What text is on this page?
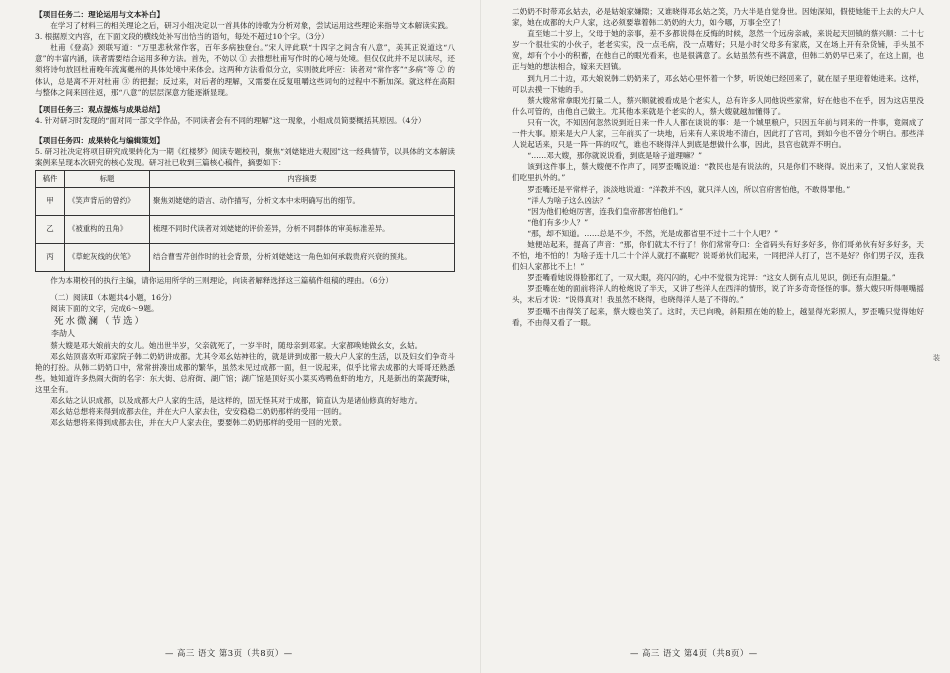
【项目任务二：理论运用与文本补白】

在学习了材料三的相关理论之后，研习小组决定以一首具体的诗歌为分析对象，尝试运用这些理论来指导文本解读实践。

3. 根据原文内容，在下面文段的横线处补写出恰当的语句，每处不超过10个字。（3分）

杜甫《登高》颈联写道：“万里悲秋常作客，百年多病独登台。”宋人评此联“十四字之间含有八意”，美其正说道这“八意”的丰富内涵，读者需要结合运用多种方法。首先，不妨以 ① 去推想杜甫写作时的心境与处境。但仅仅此并不足以读尽，还须将诗句放回杜甫晚年流寓夔州的具体处境中来体会。这两种方法看似分立，实则彼此呼应：读者对“常作客”“多病”等 ② 的体认，总是离不开对杜甫 ③ 的把握；反过来，对后者的理解，又需要在反复咀嚼这些词句的过程中不断加深。就这样在高阳与整体之间来回往返，那“八意”的层层深意方能逐渐显现。

【项目任务三：观点提炼与成果总结】

4. 针对研习时发现的“面对同一部文学作品，不同读者会有不同的理解”这一现象，小组成员简要概括其原因。（4分）

【项目任务四：成果转化与编辑策划】

5. 研习社决定将项目研究成果转化为一期《红楼梦》阅读专题校刊，聚焦“刘姥姥进大观园”这一经典情节，以具体的文本解读案例来呈现本次研究的核心发现。研习社已收到三篇核心稿件，摘要如下：

稿件	标题	内容摘要
甲	《笑声背后的曾约》	聚焦刘姥姥的语言、动作描写，分析文本中未明确写出的细节。
乙	《被重构的丑角》	梳理不同时代读者对刘姥姥的评价差异，分析不同群体的审美标准差异。
丙	《草蛇灰线的伏笔》	结合曹雪芹创作时的社会背景，分析刘姥姥这一角色如何承载贵府兴衰的预兆。

作为本期校刊的执行主编，请你运用所学的三则理论，向读者解释选择这三篇稿件组稿的理由。（6分）

（二）阅读Ⅱ（本题共4小题，16分）

阅读下面的文字，完成6～9题。

死水微澜（节选）

李劼人

蔡大嫂是邓大娘前夫的女儿。她出世半岁，父亲就死了，一岁半时，随母亲到邓家。大家都唤她做幺女，幺姑。

邓幺姑顶喜欢听邓家院子韩二奶奶讲成都。尤其令邓幺姑神往的，就是讲到成都一般大户人家的生活，以及妇女们争奇斗艳的打扮。从韩二奶奶口中，常常拼凑出成都的繁华，虽然未见过成都一面，但一说起来，似乎比常去成都的大哥哥还熟悉些。她知道许多热闹大街的名字：东大街、总府街、湖广馆；湖广馆是顶好买小菜买鸡鸭鱼虾的地方，凡是新出的菜蔬野味，这里全有。

邓幺姑之认识成都，以及成都大户人家的生活，是这样的，固无怪其对于成都，简直认为是诸仙修真的好地方。

邓幺姑总想将来得到成都去住，并在大户人家去住，安安稳稳二奶奶那样的受用一回的。

邓幺姑想将来得到成都去住，并在大户人家去住，要要韩二奶奶那样的受用一回的光景。

二奶奶不时带邓幺姑去，必是姑娘家嫌隙；又谁晓得邓幺姑之笑，乃大半是自觉身世。因她深知，假使她能干上去的大户人家，她在成都的大户人家，这必须要靠着韩二奶奶的大力，如今哪，万事全空了！

直至她二十岁上，父母于她的亲事，差不多都说得在反悔的时候，忽然一个远房亲戚，来说起天回镇的蔡兴顺：二十七岁一个很壮实的小伙子，老老实实，没一点毛病，没一点嗜好；只是小时父母多有家底，又在场上开有杂货铺，手头虽不宽，却有个小小的积蓄，在他自己的眼光看来，也是很满意了。幺姑虽然有些不满意，但韩二奶奶早已来了，在这上面，也正与她的想法相合，嫁来天回镇。

到九月二十边，邓大娘说韩二奶奶来了，邓幺姑心里怀着一个梦，听说她已经回来了，就在屋子里迎着她进来。这样，可以去摸一下她的手。

蔡大嫂常常拿眼光打量二人，蔡兴顺就被看成是个老实人，总有许多人同他说些家常，好在他也不在乎，因为这店里没什么可管的，由他自己做主。尤其他本来就是个老实的人，蔡大嫂就越加懂得了。

只有一次，不知因何忽然说到近日来一件人人都在谈说的事：是一个城里粮户，只因五年前与同来的一件事，竟闹成了一件大事。原来是大户人家，三年前买了一块地，后来有人来说地不清白，因此打了官司，到如今也不曾分个明白。那些洋人说起话来，只是一阵一阵的叹气，谁也不晓得洋人到底是想做什么事，因此，县官也就弄不明白。

“……邓大嫂，那你就说说看，到底是啥子道理嘛？”

该到这件事上，蔡大嫂便不作声了，同罗歪嘴说道：“教民也是有说法的，只是你们不晓得。说出来了，又怕人家说我们吃里扒外的。”

罗歪嘴还是平常样子，淡淡地说道：“洋教并不凶，就只洋人凶，所以官府害怕他，不敢得罪他。”

“洋人为啥子这么凶法？”

“因为他们枪炮厉害，连我们皇帝都害怕他们。”

“他们有多少人？”

“那，却不知道。……总是不少，不然，光是成都省里不过十二十个人吧？”

她便站起来，提高了声音：“那，你们就太不行了！你们常常夸口：全省码头有好多好多，你们哥弟伙有好多好多，天不怕，地不怕的！为啥子连十几二十个洋人就打不赢呢？说哥弟伙们起来，一同把洋人打了，岂不是好？你们男子汉，连我们妇人家都比不上！”

罗歪嘴看她说得脸都红了，一双大眼，亮闪闪的，心中不觉很为诧异：“这女人倒有点儿见识，倒还有点胆量。”

罗歪嘴在她的面前将洋人的枪炮说了半天，又讲了些洋人在西洋的情形，说了许多奇奇怪怪的事。蔡大嫂只听得咂嘴摇头，末后才说：“说得真对！我虽然不晓得，也晓得洋人是了不得的。”

罗歪嘴不由得笑了起来，蔡大嫂也笑了。这时，天已向晚，斜阳照在她的脸上，越显得光彩照人，罗歪嘴只觉得她好看，不由得又看了一眼。

— 高三 语文 第3页（共8页）—	— 高三 语文 第4页（共8页）—
装
